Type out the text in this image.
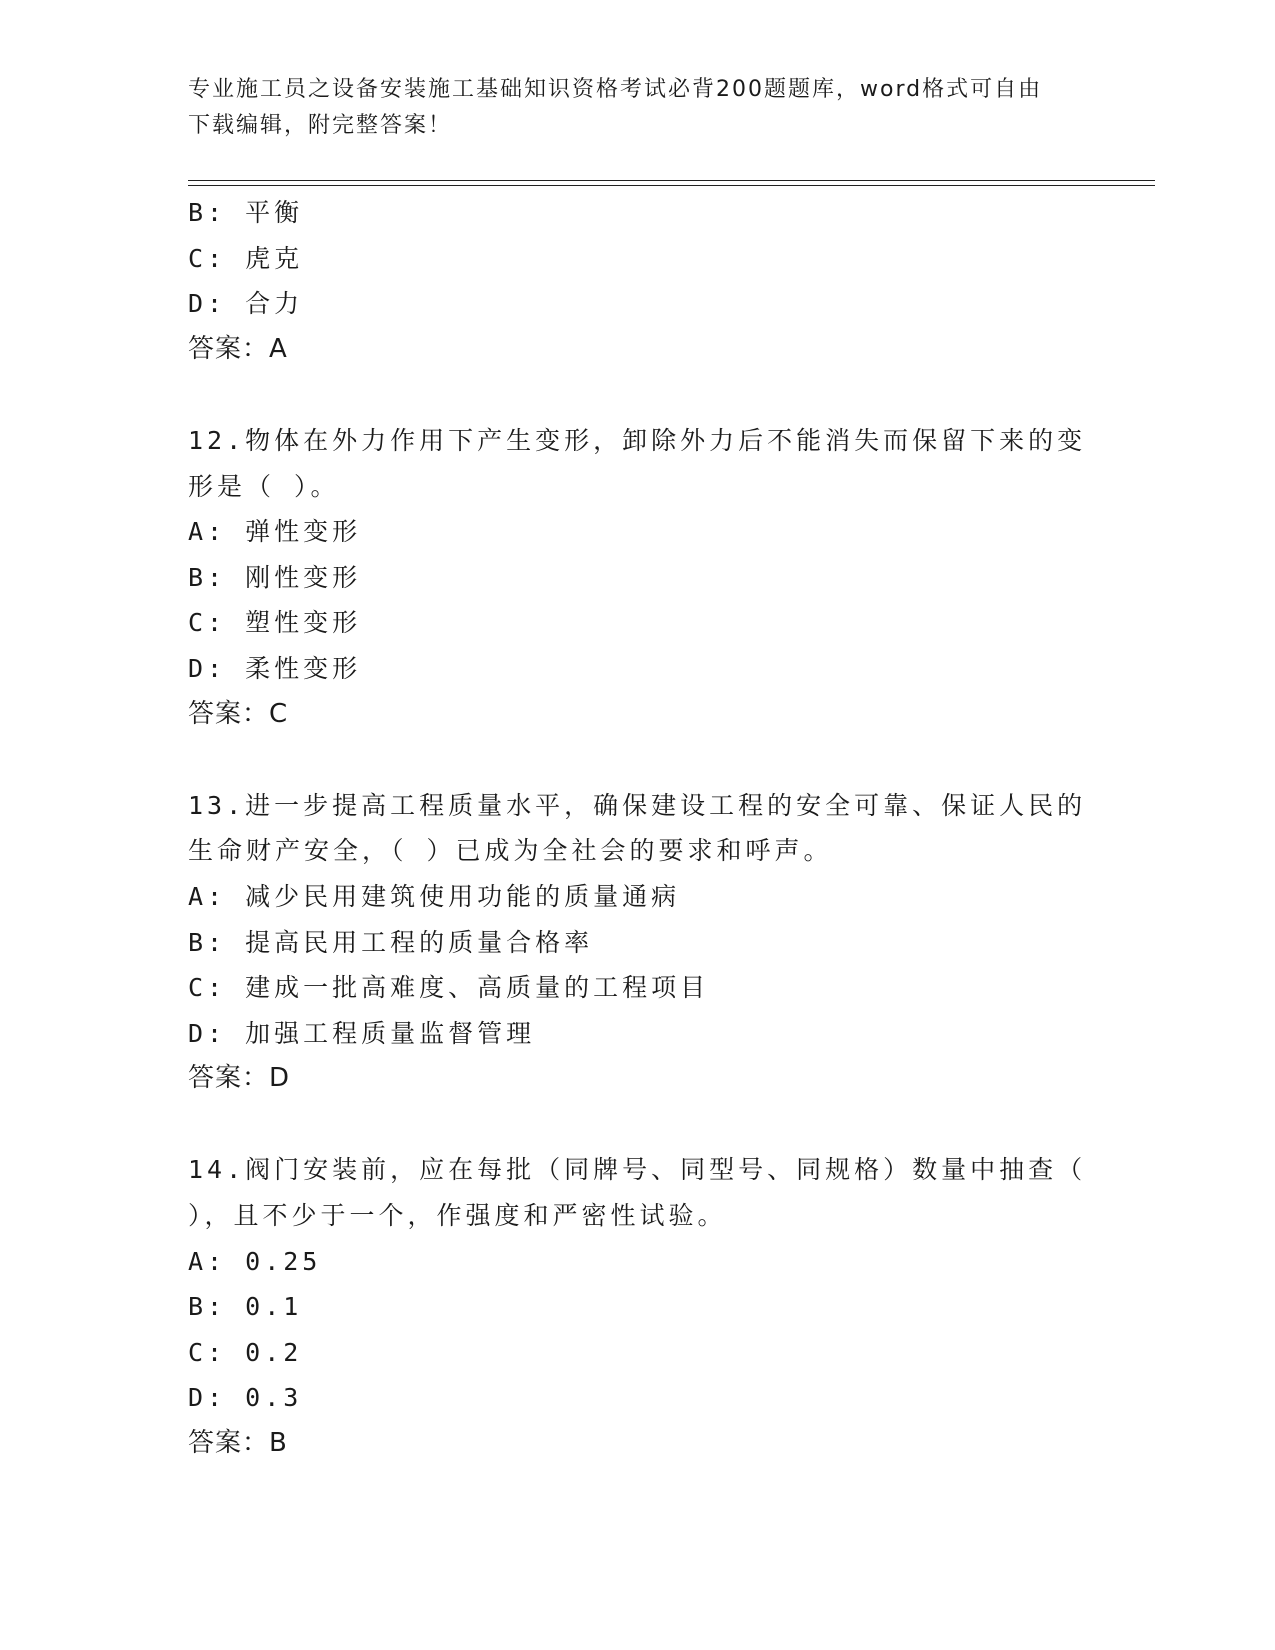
专业施工员之设备安装施工基础知识资格考试必背200题题库，word格式可自由
下载编辑，附完整答案！
B: 平衡
C: 虎克
D: 合力
答案：A
12.物体在外力作用下产生变形，卸除外力后不能消失而保留下来的变
形是（ ）。
A: 弹性变形
B: 刚性变形
C: 塑性变形
D: 柔性变形
答案：C
13.进一步提高工程质量水平，确保建设工程的安全可靠、保证人民的
生命财产安全，（ ）已成为全社会的要求和呼声。
A: 减少民用建筑使用功能的质量通病
B: 提高民用工程的质量合格率
C: 建成一批高难度、高质量的工程项目
D: 加强工程质量监督管理
答案：D
14.阀门安装前，应在每批（同牌号、同型号、同规格）数量中抽查（
），且不少于一个，作强度和严密性试验。
A: 0.25
B: 0.1
C: 0.2
D: 0.3
答案：B
